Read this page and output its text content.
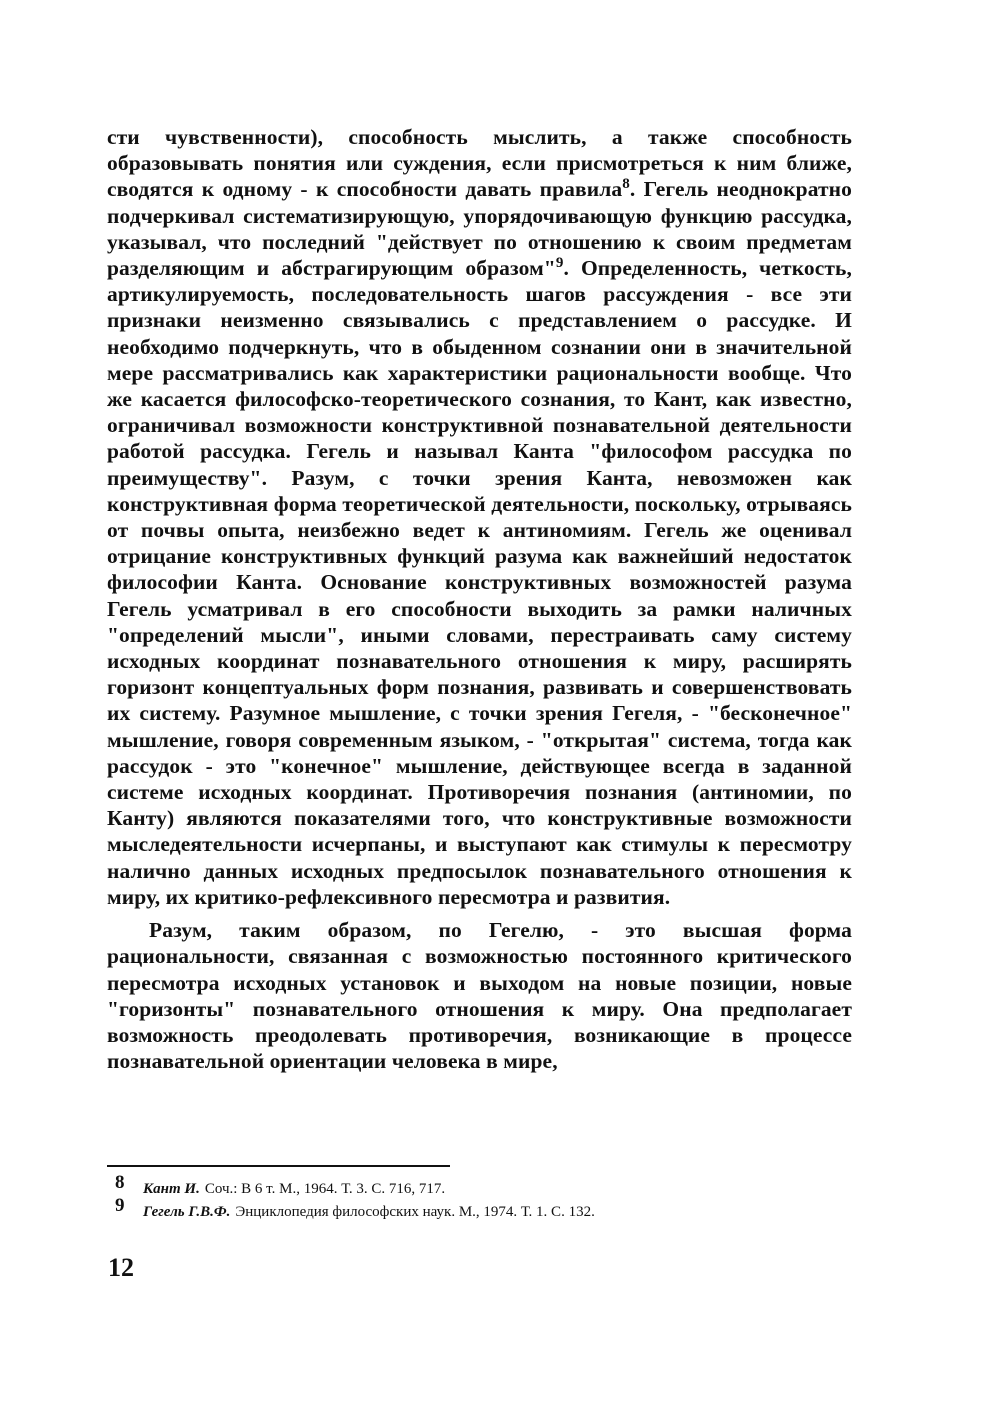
сти чувственности), способность мыслить, а также способность образовывать понятия или суждения, если присмотреться к ним ближе, сводятся к одному - к способности давать правила$^8$. Гегель неоднократно подчеркивал систематизирующую, упорядочивающую функцию рассудка, указывал, что последний "действует по отношению к своим предметам разделяющим и абстрагирующим образом"$^9$. Определенность, четкость, артикулируемость, последовательность шагов рассуждения - все эти признаки неизменно связывались с представлением о рассудке. И необходимо подчеркнуть, что в обыденном сознании они в значительной мере рассматривались как характеристики рациональности вообще. Что же касается философско-теоретического сознания, то Кант, как известно, ограничивал возможности конструктивной познавательной деятельности работой рассудка. Гегель и называл Канта "философом рассудка по преимуществу". Разум, с точки зрения Канта, невозможен как конструктивная форма теоретической деятельности, поскольку, отрываясь от почвы опыта, неизбежно ведет к антиномиям. Гегель же оценивал отрицание конструктивных функций разума как важнейший недостаток философии Канта. Основание конструктивных возможностей разума Гегель усматривал в его способности выходить за рамки наличных "определений мысли", иными словами, перестраивать саму систему исходных координат познавательного отношения к миру, расширять горизонт концептуальных форм познания, развивать и совершенствовать их систему. Разумное мышление, с точки зрения Гегеля, - "бесконечное" мышление, говоря современным языком, - "открытая" система, тогда как рассудок - это "конечное" мышление, действующее всегда в заданной системе исходных координат. Противоречия познания (антиномии, по Канту) являются показателями того, что конструктивные возможности мыследеятельности исчерпаны, и выступают как стимулы к пересмотру налично данных исходных предпосылок познавательного отношения к миру, их критико-рефлексивного пересмотра и развития.

Разум, таким образом, по Гегелю, - это высшая форма рациональности, связанная с возможностью постоянного критического пересмотра исходных установок и выходом на новые позиции, новые "горизонты" познавательного отношения к миру. Она предполагает возможность преодолевать противоречия, возникающие в процессе познавательной ориентации человека в мире,

8	Кант И. Соч.: В 6 т. М., 1964. Т. 3. С. 716, 717.
9	Гегель Г.В.Ф. Энциклопедия философских наук. М., 1974. Т. 1. С. 132.
12
